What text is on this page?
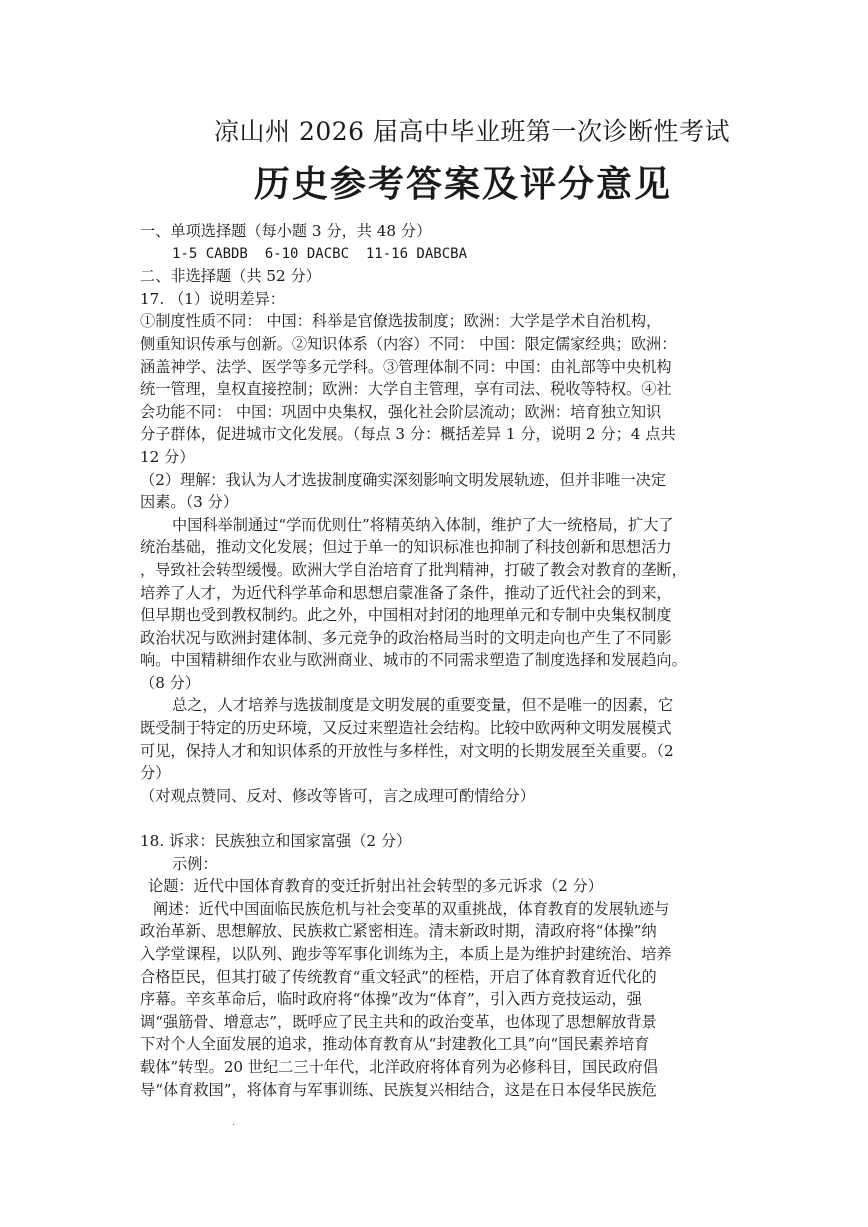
凉山州 2026 届高中毕业班第一次诊断性考试
历史参考答案及评分意见
一、单项选择题（每小题 3 分，共 48 分）
1-5 CABDB  6-10 DACBC  11-16 DABCBA
二、非选择题（共 52 分）
17. （1）说明差异：
①制度性质不同： 中国：科举是官僚选拔制度；欧洲：大学是学术自治机构，
侧重知识传承与创新。②知识体系（内容）不同： 中国：限定儒家经典；欧洲：
涵盖神学、法学、医学等多元学科。③管理体制不同：中国：由礼部等中央机构
统一管理，皇权直接控制；欧洲：大学自主管理，享有司法、税收等特权。④社
会功能不同： 中国：巩固中央集权，强化社会阶层流动；欧洲：培育独立知识
分子群体，促进城市文化发展。（每点 3 分：概括差异 1 分，说明 2 分；4 点共
12 分）
（2）理解：我认为人才选拔制度确实深刻影响文明发展轨迹，但并非唯一决定
因素。（3 分）
中国科举制通过“学而优则仕”将精英纳入体制，维护了大一统格局，扩大了
统治基础，推动文化发展；但过于单一的知识标准也抑制了科技创新和思想活力
，导致社会转型缓慢。欧洲大学自治培育了批判精神，打破了教会对教育的垄断，
培养了人才，为近代科学革命和思想启蒙准备了条件，推动了近代社会的到来，
但早期也受到教权制约。此之外，中国相对封闭的地理单元和专制中央集权制度
政治状况与欧洲封建体制、多元竞争的政治格局当时的文明走向也产生了不同影
响。中国精耕细作农业与欧洲商业、城市的不同需求塑造了制度选择和发展趋向。
（8 分）
总之，人才培养与选拔制度是文明发展的重要变量，但不是唯一的因素，它
既受制于特定的历史环境，又反过来塑造社会结构。比较中欧两种文明发展模式
可见，保持人才和知识体系的开放性与多样性，对文明的长期发展至关重要。（2
分）
（对观点赞同、反对、修改等皆可，言之成理可酌情给分）
18. 诉求：民族独立和国家富强（2 分）
示例：
论题：近代中国体育教育的变迁折射出社会转型的多元诉求（2 分）
阐述：近代中国面临民族危机与社会变革的双重挑战，体育教育的发展轨迹与
政治革新、思想解放、民族救亡紧密相连。清末新政时期，清政府将“体操”纳
入学堂课程，以队列、跑步等军事化训练为主，本质上是为维护封建统治、培养
合格臣民，但其打破了传统教育“重文轻武”的桎梏，开启了体育教育近代化的
序幕。辛亥革命后，临时政府将“体操”改为“体育”，引入西方竞技运动，强
调“强筋骨、增意志”，既呼应了民主共和的政治变革，也体现了思想解放背景
下对个人全面发展的追求，推动体育教育从“封建教化工具”向“国民素养培育
载体”转型。20 世纪二三十年代，北洋政府将体育列为必修科目，国民政府倡
导“体育救国”，将体育与军事训练、民族复兴相结合，这是在日本侵华民族危
·
